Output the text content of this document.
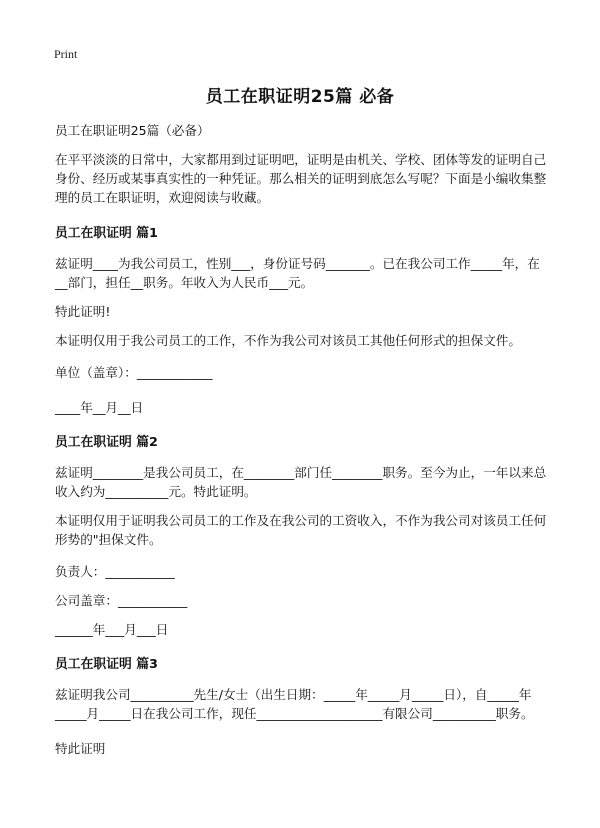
Print
员工在职证明25篇 必备

员工在职证明25篇（必备）

在平平淡淡的日常中，大家都用到过证明吧，证明是由机关、学校、团体等发的证明自己身份、经历或某事真实性的一种凭证。那么相关的证明到底怎么写呢？下面是小编收集整理的员工在职证明，欢迎阅读与收藏。

员工在职证明 篇1

兹证明____为我公司员工，性别___，身份证号码_______。已在我公司工作_____年，在__部门，担任__职务。年收入为人民币___元。

特此证明!

本证明仅用于我公司员工的工作，不作为我公司对该员工其他任何形式的担保文件。

单位（盖章）：____________

____年__月__日

员工在职证明 篇2

兹证明________是我公司员工，在________部门任________职务。至今为止，一年以来总收入约为__________元。特此证明。

本证明仅用于证明我公司员工的工作及在我公司的工资收入，不作为我公司对该员工任何形势的"担保文件。

负责人：___________

公司盖章：___________

______年___月___日

员工在职证明 篇3

兹证明我公司__________先生/女士（出生日期：_____年_____月_____日），自_____年_____月_____日在我公司工作，现任____________________有限公司__________职务。

特此证明
